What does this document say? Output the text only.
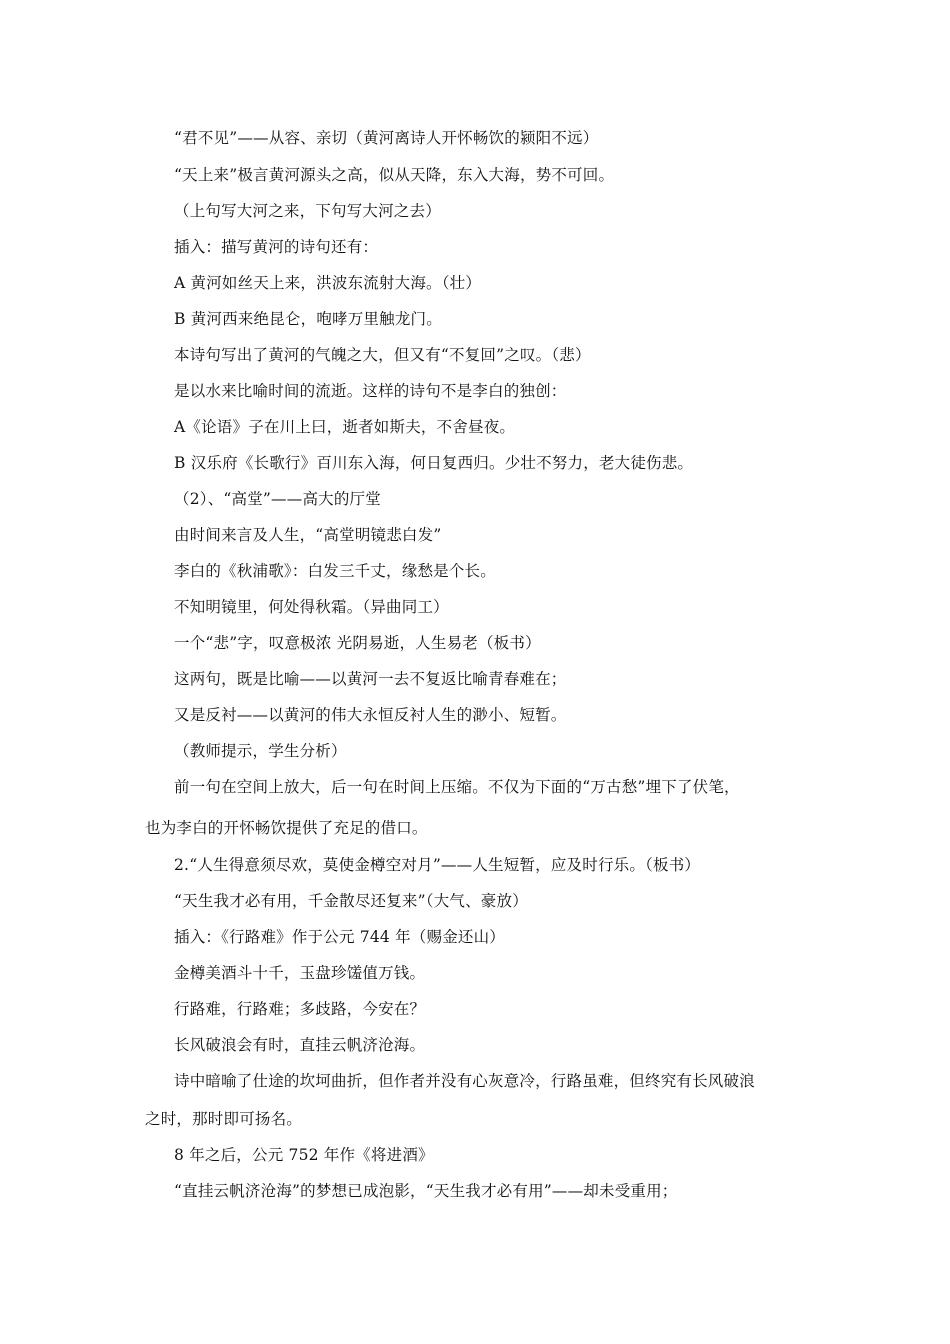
“君不见”——从容、亲切（黄河离诗人开怀畅饮的颍阳不远）
“天上来”极言黄河源头之高，似从天降，东入大海，势不可回。
（上句写大河之来，下句写大河之去）
插入：描写黄河的诗句还有：
A 黄河如丝天上来，洪波东流射大海。（壮）
B 黄河西来绝昆仑，咆哮万里触龙门。
本诗句写出了黄河的气魄之大，但又有“不复回”之叹。（悲）
是以水来比喻时间的流逝。这样的诗句不是李白的独创：
A《论语》子在川上曰，逝者如斯夫，不舍昼夜。
B 汉乐府《长歌行》百川东入海，何日复西归。少壮不努力，老大徒伤悲。
（2）、“高堂”——高大的厅堂
由时间来言及人生，“高堂明镜悲白发”
李白的《秋浦歌》：白发三千丈，缘愁是个长。
不知明镜里，何处得秋霜。（异曲同工）
一个“悲”字，叹意极浓 光阴易逝，人生易老（板书）
这两句，既是比喻——以黄河一去不复返比喻青春难在；
又是反衬——以黄河的伟大永恒反衬人生的渺小、短暂。
（教师提示，学生分析）
前一句在空间上放大，后一句在时间上压缩。不仅为下面的“万古愁”埋下了伏笔，
也为李白的开怀畅饮提供了充足的借口。
2.“人生得意须尽欢，莫使金樽空对月”——人生短暂，应及时行乐。（板书）
“天生我才必有用，千金散尽还复来”（大气、豪放）
插入：《行路难》作于公元 744 年（赐金还山）
金樽美酒斗十千，玉盘珍馐值万钱。
行路难，行路难；多歧路，今安在？
长风破浪会有时，直挂云帆济沧海。
诗中暗喻了仕途的坎坷曲折，但作者并没有心灰意冷，行路虽难，但终究有长风破浪
之时，那时即可扬名。
8 年之后，公元 752 年作《将进酒》
“直挂云帆济沧海”的梦想已成泡影，“天生我才必有用”——却未受重用；
